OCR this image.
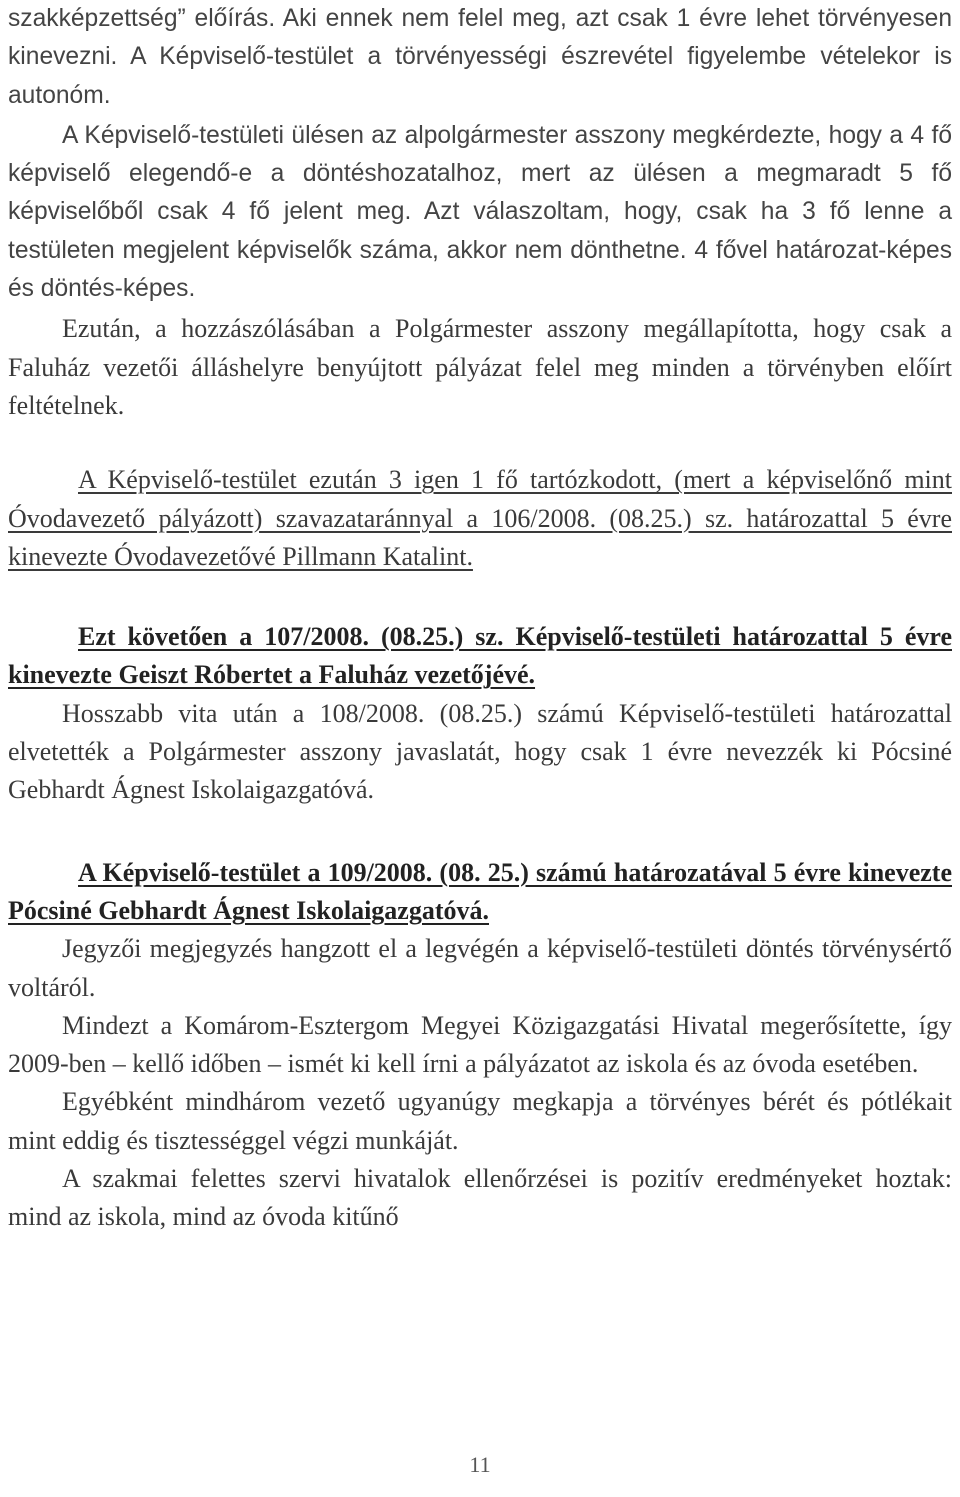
szakképzettség” előírás. Aki ennek nem felel meg, azt csak 1 évre lehet törvényesen kinevezni. A Képviselő-testület a törvényességi észrevétel figyelembe vételekor is autonóm.

A Képviselő-testületi ülésen az alpolgármester asszony megkérdezte, hogy a 4 fő képviselő elegendő-e a döntéshozatalhoz, mert az ülésen a megmaradt 5 fő képviselőből csak 4 fő jelent meg. Azt válaszoltam, hogy, csak ha 3 fő lenne a testületen megjelent képviselők száma, akkor nem dönthetne. 4 fővel határozat-képes és döntés-képes.

Ezután, a hozzászólásában a Polgármester asszony megállapította, hogy csak a Faluház vezetői álláshelyre benyújtott pályázat felel meg minden a törvényben előírt feltételnek.

A Képviselő-testület ezután 3 igen 1 fő tartózkodott, (mert a képviselőnő mint Óvodavezető pályázott) szavazataránnyal a 106/2008. (08.25.) sz. határozattal 5 évre kinevezte Óvodavezetővé Pillmann Katalint.

Ezt követően a 107/2008. (08.25.) sz. Képviselő-testületi határozattal 5 évre kinevezte Geiszt Róbertet a Faluház vezetőjévé.

Hosszabb vita után a 108/2008. (08.25.) számú Képviselő-testületi határozattal elvetették a Polgármester asszony javaslatát, hogy csak 1 évre nevezzék ki Pócsiné Gebhardt Ágnest Iskolaigazgatóvá.

A Képviselő-testület a 109/2008. (08. 25.) számú határozatával 5 évre kinevezte Pócsiné Gebhardt Ágnest Iskolaigazgatóvá.

Jegyzői megjegyzés hangzott el a legvégén a képviselő-testületi döntés törvénysértő voltáról.

Mindezt a Komárom-Esztergom Megyei Közigazgatási Hivatal megerősítette, így 2009-ben – kellő időben – ismét ki kell írni a pályázatot az iskola és az óvoda esetében.

Egyébként mindhárom vezető ugyanúgy megkapja a törvényes bérét és pótlékait mint eddig és tisztességgel végzi munkáját.

A szakmai felettes szervi hivatalok ellenőrzései is pozitív eredményeket hoztak: mind az iskola, mind az óvoda kitűnő

11
